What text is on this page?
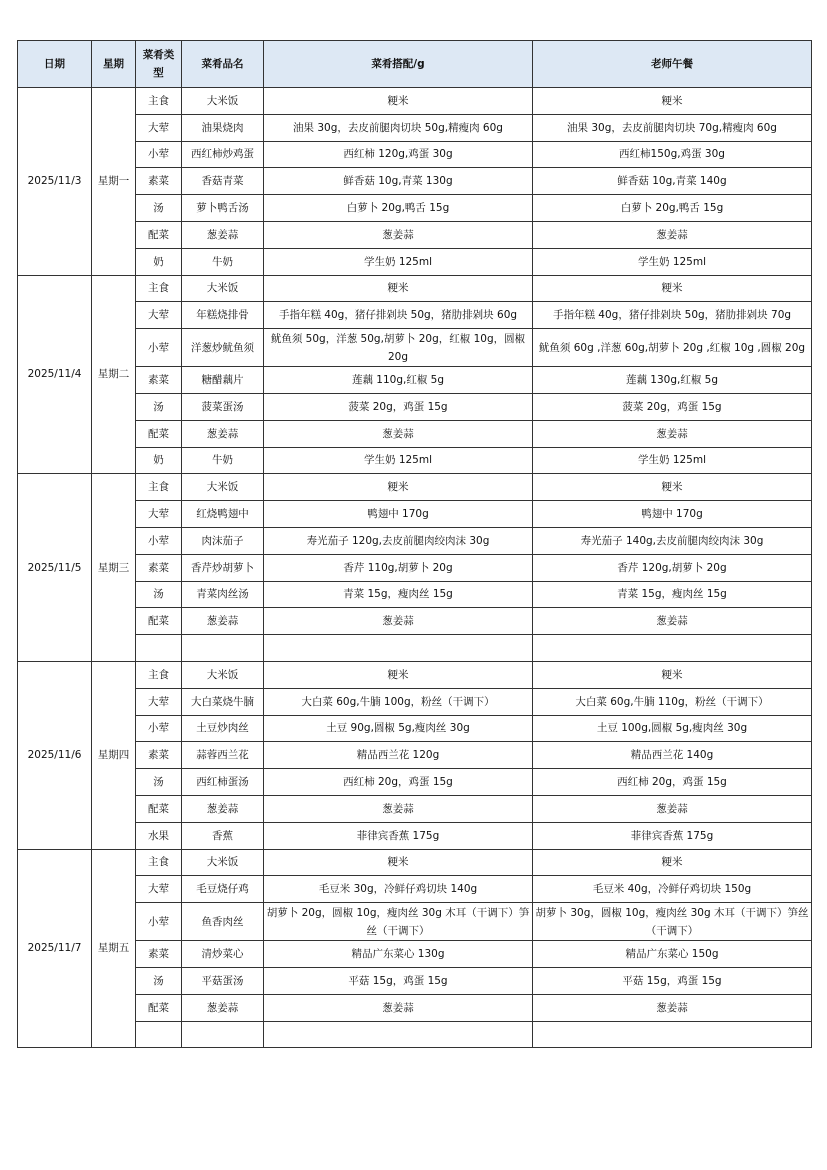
日期	星期	菜肴类型	菜肴品名	菜肴搭配/g	老师午餐
2025/11/3	星期一	主食	大米饭	粳米	粳米
		大荤	油果烧肉	油果 30g，去皮前腿肉切块 50g,精瘦肉 60g	油果 30g，去皮前腿肉切块 70g,精瘦肉 60g
		小荤	西红柿炒鸡蛋	西红柿 120g,鸡蛋 30g	西红柿150g,鸡蛋 30g
		素菜	香菇青菜	鲜香菇 10g,青菜 130g	鲜香菇 10g,青菜 140g
		汤	萝卜鸭舌汤	白萝卜 20g,鸭舌 15g	白萝卜 20g,鸭舌 15g
		配菜	葱姜蒜	葱姜蒜	葱姜蒜
		奶	牛奶	学生奶 125ml	学生奶 125ml
2025/11/4	星期二	主食	大米饭	粳米	粳米
		大荤	年糕烧排骨	手指年糕 40g，猪仔排剁块 50g，猪肋排剁块 60g	手指年糕 40g，猪仔排剁块 50g，猪肋排剁块 70g
		小荤	洋葱炒鱿鱼须	鱿鱼须 50g，洋葱 50g,胡萝卜 20g，红椒 10g，圆椒 20g	鱿鱼须 60g ,洋葱 60g,胡萝卜 20g ,红椒 10g ,圆椒 20g
		素菜	糖醋藕片	莲藕 110g,红椒 5g	莲藕 130g,红椒 5g
		汤	菠菜蛋汤	菠菜 20g，鸡蛋 15g	菠菜 20g，鸡蛋 15g
		配菜	葱姜蒜	葱姜蒜	葱姜蒜
		奶	牛奶	学生奶 125ml	学生奶 125ml
2025/11/5	星期三	主食	大米饭	粳米	粳米
		大荤	红烧鸭翅中	鸭翅中 170g	鸭翅中 170g
		小荤	肉沫茄子	寿光茄子 120g,去皮前腿肉绞肉沫 30g	寿光茄子 140g,去皮前腿肉绞肉沫 30g
		素菜	香芹炒胡萝卜	香芹 110g,胡萝卜 20g	香芹 120g,胡萝卜 20g
		汤	青菜肉丝汤	青菜 15g，瘦肉丝 15g	青菜 15g，瘦肉丝 15g
		配菜	葱姜蒜	葱姜蒜	葱姜蒜

2025/11/6	星期四	主食	大米饭	粳米	粳米
		大荤	大白菜烧牛腩	大白菜 60g,牛腩 100g，粉丝（干调下）	大白菜 60g,牛腩 110g，粉丝（干调下）
		小荤	土豆炒肉丝	土豆 90g,圆椒 5g,瘦肉丝 30g	土豆 100g,圆椒 5g,瘦肉丝 30g
		素菜	蒜蓉西兰花	精品西兰花 120g	精品西兰花 140g
		汤	西红柿蛋汤	西红柿 20g，鸡蛋 15g	西红柿 20g，鸡蛋 15g
		配菜	葱姜蒜	葱姜蒜	葱姜蒜
		水果	香蕉	菲律宾香蕉 175g	菲律宾香蕉 175g
2025/11/7	星期五	主食	大米饭	粳米	粳米
		大荤	毛豆烧仔鸡	毛豆米 30g，冷鲜仔鸡切块 140g	毛豆米 40g，冷鲜仔鸡切块 150g
		小荤	鱼香肉丝	胡萝卜 20g，圆椒 10g，瘦肉丝 30g 木耳（干调下）笋丝（干调下）	胡萝卜 30g，圆椒 10g，瘦肉丝 30g 木耳（干调下）笋丝（干调下）
		素菜	清炒菜心	精品广东菜心 130g	精品广东菜心 150g
		汤	平菇蛋汤	平菇 15g，鸡蛋 15g	平菇 15g，鸡蛋 15g
		配菜	葱姜蒜	葱姜蒜	葱姜蒜
